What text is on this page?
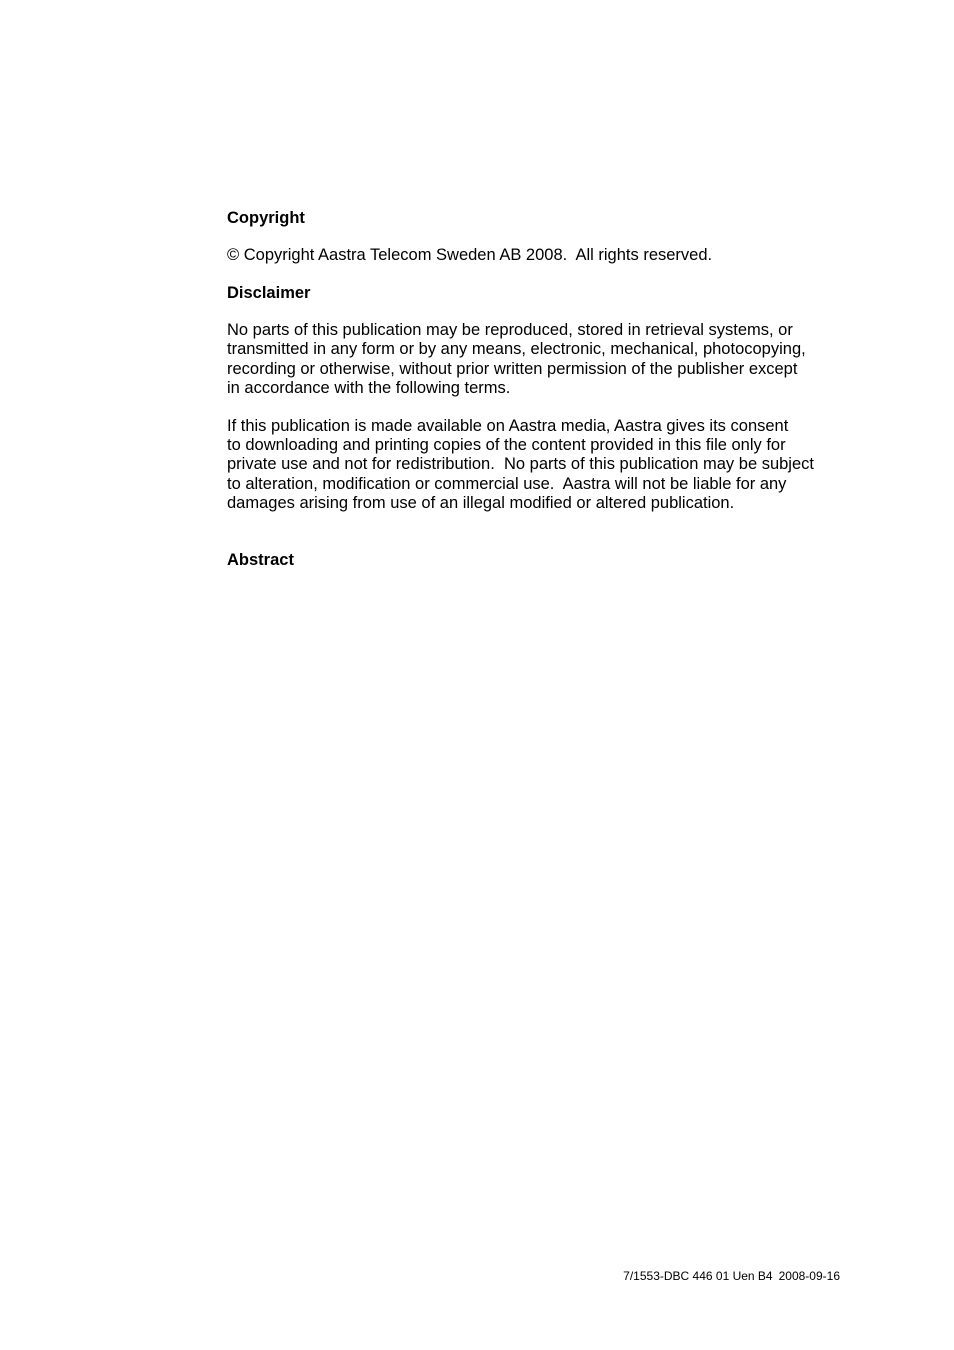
Copyright

© Copyright Aastra Telecom Sweden AB 2008.  All rights reserved.

Disclaimer

No parts of this publication may be reproduced, stored in retrieval systems, or
transmitted in any form or by any means, electronic, mechanical, photocopying,
recording or otherwise, without prior written permission of the publisher except
in accordance with the following terms.

If this publication is made available on Aastra media, Aastra gives its consent
to downloading and printing copies of the content provided in this file only for
private use and not for redistribution.  No parts of this publication may be subject
to alteration, modification or commercial use.  Aastra will not be liable for any
damages arising from use of an illegal modified or altered publication.

Abstract
7/1553-DBC 446 01 Uen B4 2008-09-16
